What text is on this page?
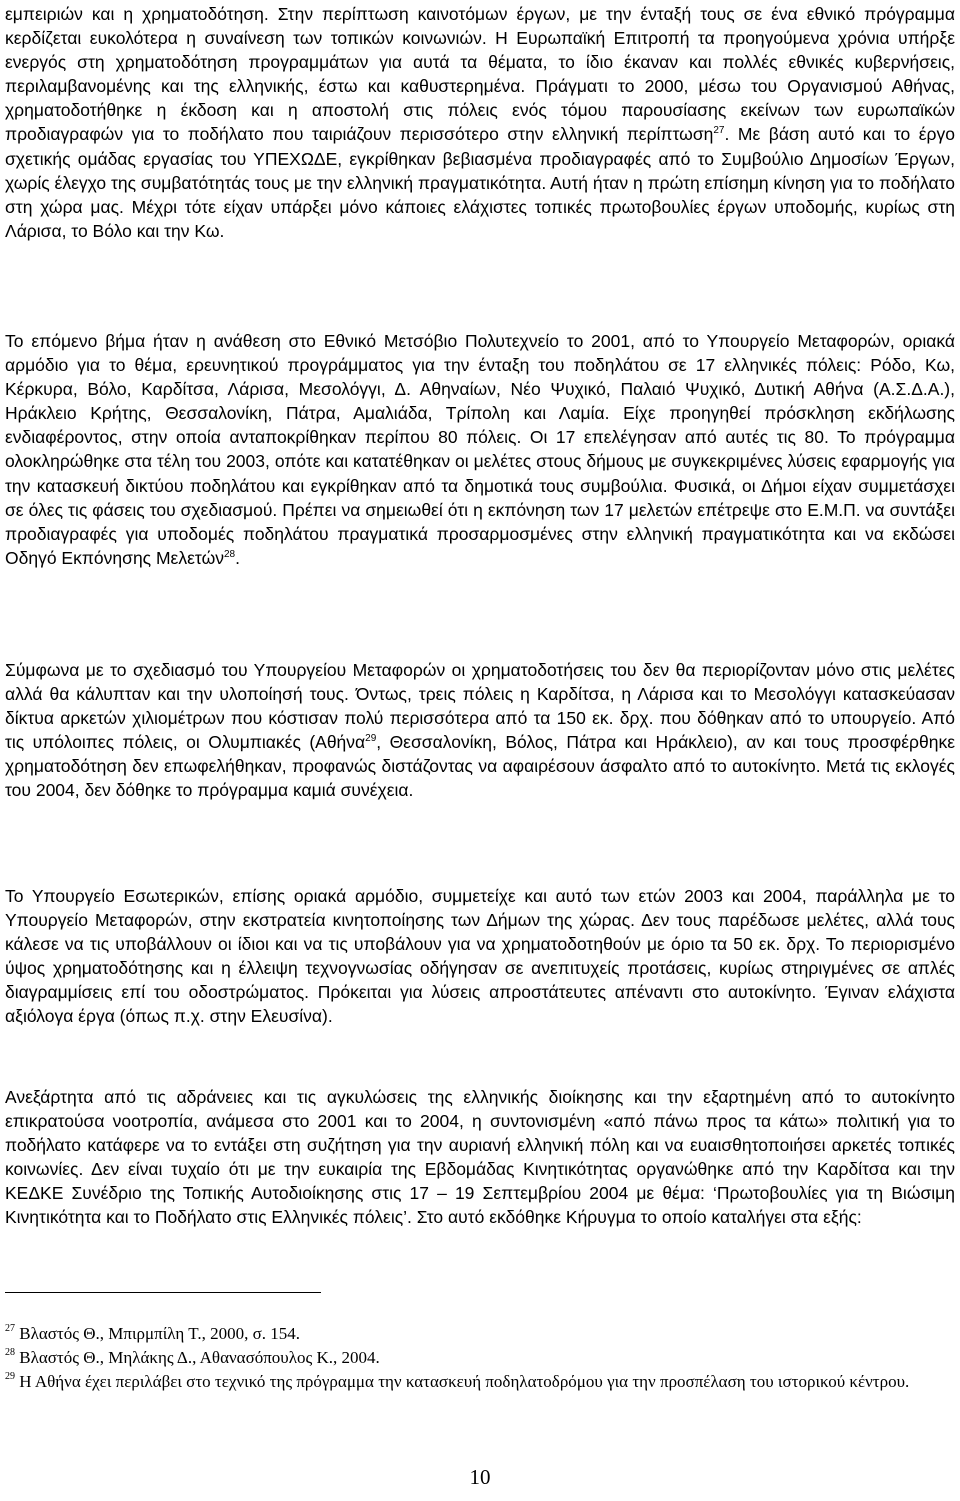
εμπειριών και η χρηματοδότηση. Στην περίπτωση καινοτόμων έργων, με την ένταξή τους σε ένα εθνικό πρόγραμμα κερδίζεται ευκολότερα η συναίνεση των τοπικών κοινωνιών. Η Ευρωπαϊκή Επιτροπή τα προηγούμενα χρόνια υπήρξε ενεργός στη χρηματοδότηση προγραμμάτων για αυτά τα θέματα, το ίδιο έκαναν και πολλές εθνικές κυβερνήσεις, περιλαμβανομένης και της ελληνικής, έστω και καθυστερημένα. Πράγματι το 2000, μέσω του Οργανισμού Αθήνας, χρηματοδοτήθηκε η έκδοση και η αποστολή στις πόλεις ενός τόμου παρουσίασης εκείνων των ευρωπαϊκών προδιαγραφών για το ποδήλατο που ταιριάζουν περισσότερο στην ελληνική περίπτωση$^{27}$. Με βάση αυτό και το έργο σχετικής ομάδας εργασίας του ΥΠΕΧΩΔΕ, εγκρίθηκαν βεβιασμένα προδιαγραφές από το Συμβούλιο Δημοσίων Έργων, χωρίς έλεγχο της συμβατότητάς τους με την ελληνική πραγματικότητα. Αυτή ήταν η πρώτη επίσημη κίνηση για το ποδήλατο στη χώρα μας. Μέχρι τότε είχαν υπάρξει μόνο κάποιες ελάχιστες τοπικές πρωτοβουλίες έργων υποδομής, κυρίως στη Λάρισα, το Βόλο και την Κω.

Το επόμενο βήμα ήταν η ανάθεση στο Εθνικό Μετσόβιο Πολυτεχνείο το 2001, από το Υπουργείο Μεταφορών, οριακά αρμόδιο για το θέμα, ερευνητικού προγράμματος για την ένταξη του ποδηλάτου σε 17 ελληνικές πόλεις: Ρόδο, Κω, Κέρκυρα, Βόλο, Καρδίτσα, Λάρισα, Μεσολόγγι, Δ. Αθηναίων, Νέο Ψυχικό, Παλαιό Ψυχικό, Δυτική Αθήνα (Α.Σ.Δ.Α.), Ηράκλειο Κρήτης, Θεσσαλονίκη, Πάτρα, Αμαλιάδα, Τρίπολη και Λαμία. Είχε προηγηθεί πρόσκληση εκδήλωσης ενδιαφέροντος, στην οποία ανταποκρίθηκαν περίπου 80 πόλεις. Οι 17 επελέγησαν από αυτές τις 80. Το πρόγραμμα ολοκληρώθηκε στα τέλη του 2003, οπότε και κατατέθηκαν οι μελέτες στους δήμους με συγκεκριμένες λύσεις εφαρμογής για την κατασκευή δικτύου ποδηλάτου και εγκρίθηκαν από τα δημοτικά τους συμβούλια. Φυσικά, οι Δήμοι είχαν συμμετάσχει σε όλες τις φάσεις του σχεδιασμού. Πρέπει να σημειωθεί ότι η εκπόνηση των 17 μελετών επέτρεψε στο Ε.Μ.Π. να συντάξει προδιαγραφές για υποδομές ποδηλάτου πραγματικά προσαρμοσμένες στην ελληνική πραγματικότητα και να εκδώσει Οδηγό Εκπόνησης Μελετών$^{28}$.

Σύμφωνα με το σχεδιασμό του Υπουργείου Μεταφορών οι χρηματοδοτήσεις του δεν θα περιορίζονταν μόνο στις μελέτες αλλά θα κάλυπταν και την υλοποίησή τους. Όντως, τρεις πόλεις η Καρδίτσα, η Λάρισα και το Μεσολόγγι κατασκεύασαν δίκτυα αρκετών χιλιομέτρων που κόστισαν πολύ περισσότερα από τα 150 εκ. δρχ. που δόθηκαν από το υπουργείο. Από τις υπόλοιπες πόλεις, οι Ολυμπιακές (Αθήνα$^{29}$, Θεσσαλονίκη, Βόλος, Πάτρα και Ηράκλειο), αν και τους προσφέρθηκε χρηματοδότηση δεν επωφελήθηκαν, προφανώς διστάζοντας να αφαιρέσουν άσφαλτο από το αυτοκίνητο. Μετά τις εκλογές του 2004, δεν δόθηκε το πρόγραμμα καμιά συνέχεια.

Το Υπουργείο Εσωτερικών, επίσης οριακά αρμόδιο, συμμετείχε και αυτό των ετών 2003 και 2004, παράλληλα με το Υπουργείο Μεταφορών, στην εκστρατεία κινητοποίησης των Δήμων της χώρας. Δεν τους παρέδωσε μελέτες, αλλά τους κάλεσε να τις υποβάλλουν οι ίδιοι και να τις υποβάλουν για να χρηματοδοτηθούν με όριο τα 50 εκ. δρχ. Το περιορισμένο ύψος χρηματοδότησης και η έλλειψη τεχνογνωσίας οδήγησαν σε ανεπιτυχείς προτάσεις, κυρίως στηριγμένες σε απλές διαγραμμίσεις επί του οδοστρώματος. Πρόκειται για λύσεις απροστάτευτες απέναντι στο αυτοκίνητο. Έγιναν ελάχιστα αξιόλογα έργα (όπως π.χ. στην Ελευσίνα).

Ανεξάρτητα από τις αδράνειες και τις αγκυλώσεις της ελληνικής διοίκησης και την εξαρτημένη από το αυτοκίνητο επικρατούσα νοοτροπία, ανάμεσα στο 2001 και το 2004, η συντονισμένη «από πάνω προς τα κάτω» πολιτική για το ποδήλατο κατάφερε να το εντάξει στη συζήτηση για την αυριανή ελληνική πόλη και να ευαισθητοποιήσει αρκετές τοπικές κοινωνίες. Δεν είναι τυχαίο ότι με την ευκαιρία της Εβδομάδας Κινητικότητας οργανώθηκε από την Καρδίτσα και την ΚΕΔΚΕ Συνέδριο της Τοπικής Αυτοδιοίκησης στις 17 – 19 Σεπτεμβρίου 2004 με θέμα: ‘Πρωτοβουλίες για τη Βιώσιμη Κινητικότητα και το Ποδήλατο στις Ελληνικές πόλεις’. Στο αυτό εκδόθηκε Κήρυγμα το οποίο καταλήγει στα εξής:

$^{27}$ Βλαστός Θ., Μπιρμπίλη Τ., 2000, σ. 154.

$^{28}$ Βλαστός Θ., Μηλάκης Δ., Αθανασόπουλος Κ., 2004.

$^{29}$ Η Αθήνα έχει περιλάβει στο τεχνικό της πρόγραμμα την κατασκευή ποδηλατοδρόμου για την προσπέλαση του ιστορικού κέντρου.

10
